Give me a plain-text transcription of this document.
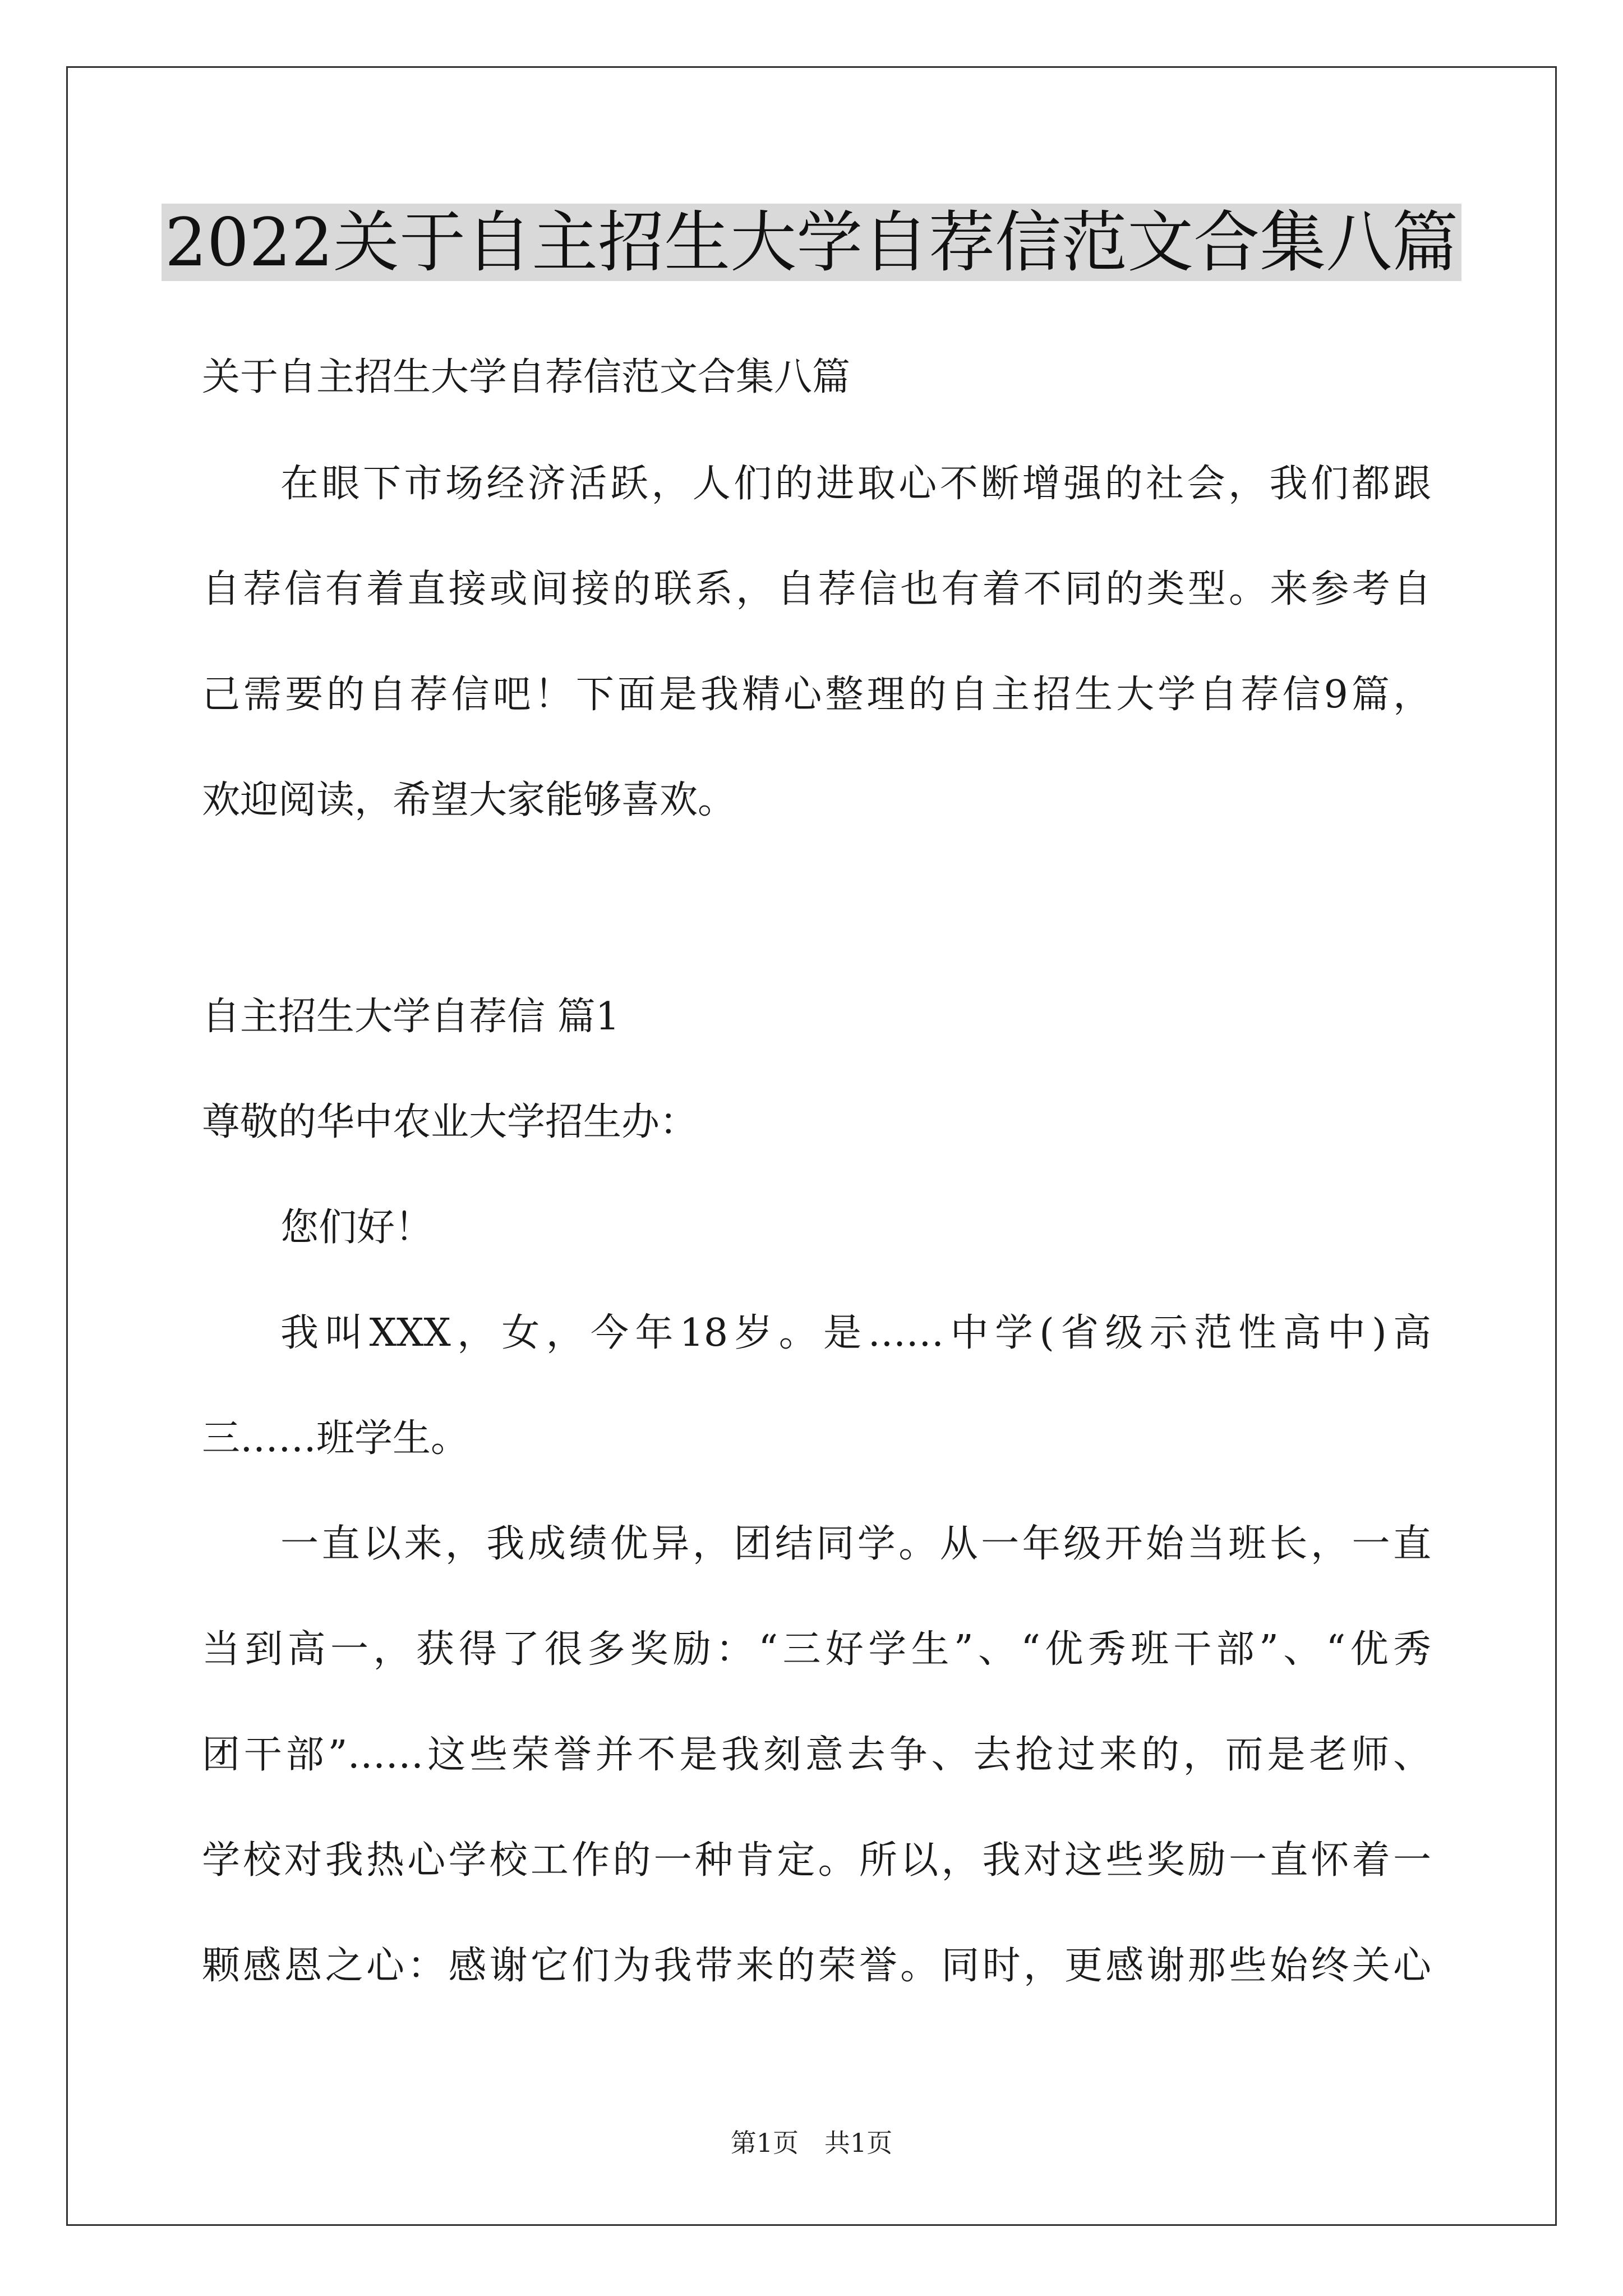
2022关于自主招生大学自荐信范文合集八篇

关于自主招生大学自荐信范文合集八篇

在眼下市场经济活跃，人们的进取心不断增强的社会，我们都跟

自荐信有着直接或间接的联系，自荐信也有着不同的类型。来参考自

己需要的自荐信吧！下面是我精心整理的自主招生大学自荐信9篇，

欢迎阅读，希望大家能够喜欢。

自主招生大学自荐信 篇1

尊敬的华中农业大学招生办：

您们好！

我叫XXX，女，今年18岁。是……中学(省级示范性高中)高

三……班学生。

一直以来，我成绩优异，团结同学。从一年级开始当班长，一直

当到高一，获得了很多奖励：“三好学生”、“优秀班干部”、“优秀

团干部”……这些荣誉并不是我刻意去争、去抢过来的，而是老师、

学校对我热心学校工作的一种肯定。所以，我对这些奖励一直怀着一

颗感恩之心：感谢它们为我带来的荣誉。同时，更感谢那些始终关心

第1页　共1页
